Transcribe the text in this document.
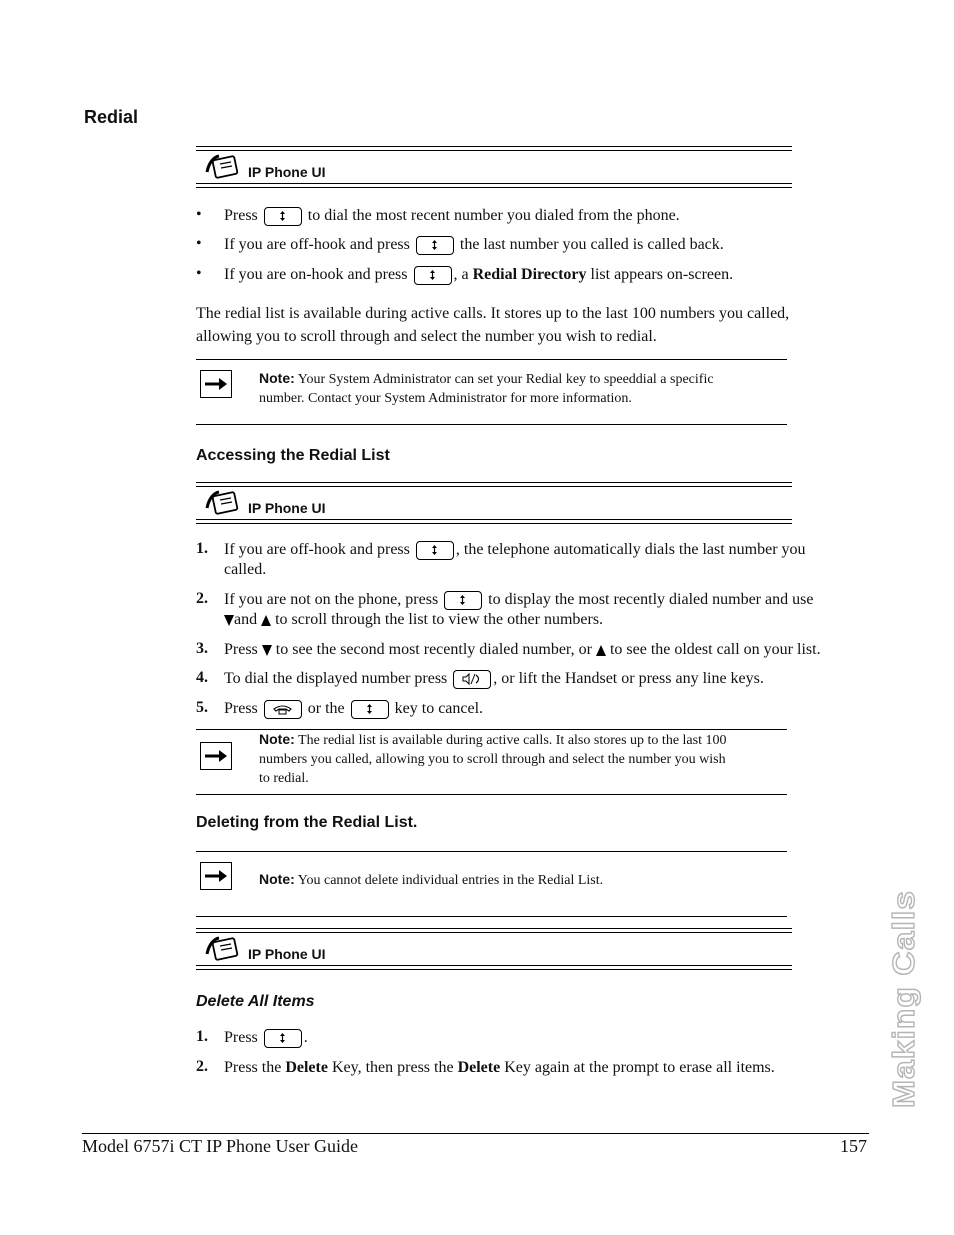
Redial
IP Phone UI
• Press	to dial the most recent number you dialed from the phone.
• If you are off-hook and press	the last number you called is called back.
• If you are on-hook and press	, a Redial Directory list appears on-screen.
The redial list is available during active calls. It stores up to the last 100 numbers you called,
allowing you to scroll through and select the number you wish to redial.
Note: Your System Administrator can set your Redial key to speeddial a specific
number. Contact your System Administrator for more information.
Accessing the Redial List
IP Phone UI
1. If you are off-hook and press	, the telephone automatically dials the last number you
called.
2. If you are not on the phone, press	to display the most recently dialed number and use
and to scroll through the list to view the other numbers.
3. Press to see the second most recently dialed number, or to see the oldest call on your list.
4. To dial the displayed number press	, or lift the Handset or press any line keys.
5. Press	or the	key to cancel.
Note: The redial list is available during active calls. It also stores up to the last 100
numbers you called, allowing you to scroll through and select the number you wish
to redial.
Deleting from the Redial List.
Note: You cannot delete individual entries in the Redial List.
IP Phone UI
Delete All Items
1. Press	.
2. Press the Delete Key, then press the Delete Key again at the prompt to erase all items.	Making Calls
Model 6757i CT IP Phone User Guide	157
